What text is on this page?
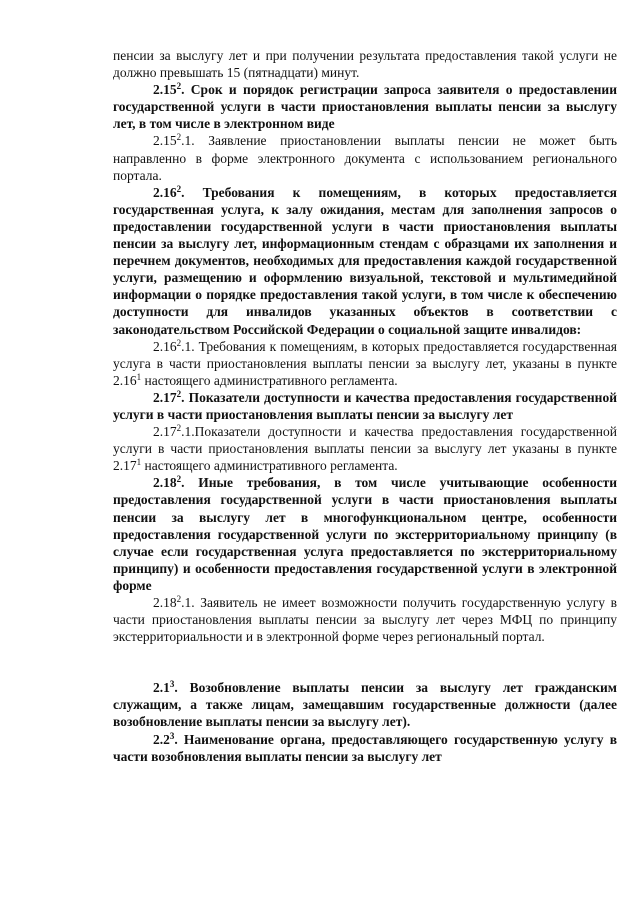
пенсии за выслугу лет и при получении результата предоставления такой услуги не должно превышать 15 (пятнадцати) минут.

2.15$^2$. Срок и порядок регистрации запроса заявителя о предоставлении государственной услуги в части приостановления выплаты пенсии за выслугу лет, в том числе в электронном виде

2.15$^2$.1. Заявление приостановлении выплаты пенсии не может быть направленно в форме электронного документа с использованием регионального портала.

2.16$^2$. Требования к помещениям, в которых предоставляется государственная услуга, к залу ожидания, местам для заполнения запросов о предоставлении государственной услуги в части приостановления выплаты пенсии за выслугу лет, информационным стендам с образцами их заполнения и перечнем документов, необходимых для предоставления каждой государственной услуги, размещению и оформлению визуальной, текстовой и мультимедийной информации о порядке предоставления такой услуги, в том числе к обеспечению доступности для инвалидов указанных объектов в соответствии с законодательством Российской Федерации о социальной защите инвалидов:

2.16$^2$.1. Требования к помещениям, в которых предоставляется государственная услуга в части приостановления выплаты пенсии за выслугу лет, указаны в пункте 2.16$^1$ настоящего административного регламента.

2.17$^2$. Показатели доступности и качества предоставления государственной услуги в части приостановления выплаты пенсии за выслугу лет

2.17$^2$.1.Показатели доступности и качества предоставления государственной услуги в части приостановления выплаты пенсии за выслугу лет указаны в пункте 2.17$^1$ настоящего административного регламента.

2.18$^2$. Иные требования, в том числе учитывающие особенности предоставления государственной услуги в части приостановления выплаты пенсии за выслугу лет в многофункциональном центре, особенности предоставления государственной услуги по экстерриториальному принципу (в случае если государственная услуга предоставляется по экстерриториальному принципу) и особенности предоставления государственной услуги в электронной форме

2.18$^2$.1. Заявитель не имеет возможности получить государственную услугу в части приостановления выплаты пенсии за выслугу лет через МФЦ по принципу экстерриториальности и в электронной форме через региональный портал.

$2.1^3$. Возобновление выплаты пенсии за выслугу лет гражданским служащим, а также лицам, замещавшим государственные должности (далее возобновление выплаты пенсии за выслугу лет).

$2.2^3$. Наименование органа, предоставляющего государственную услугу в части возобновления выплаты пенсии за выслугу лет
